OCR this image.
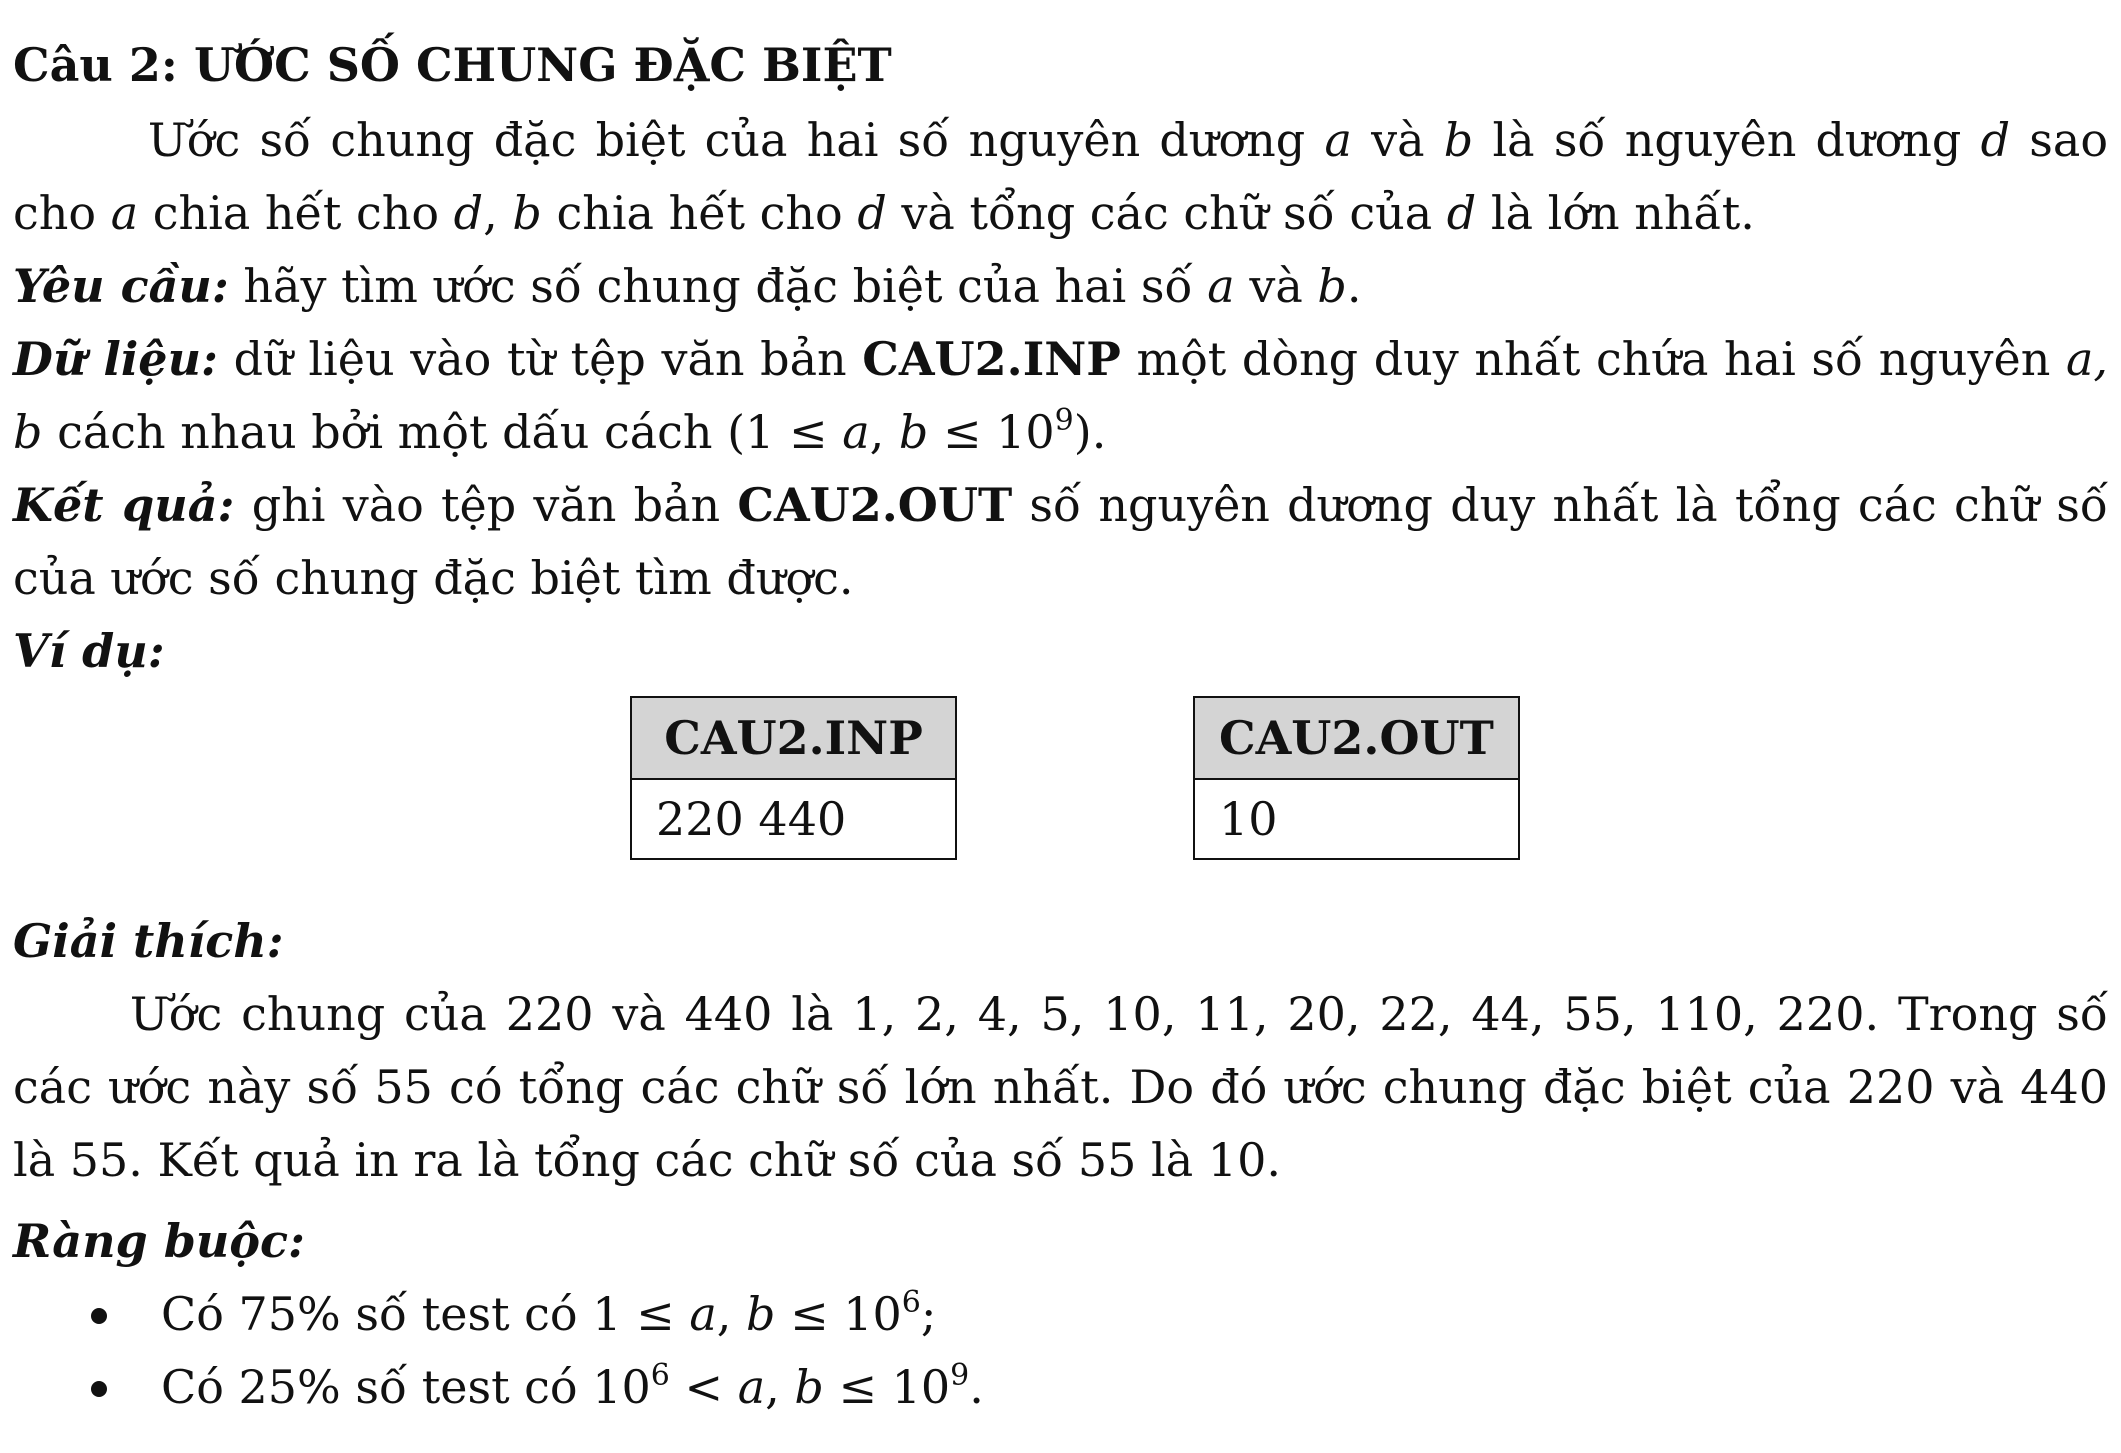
Câu 2: ƯỚC SỐ CHUNG ĐẶC BIỆT

Ước số chung đặc biệt của hai số nguyên dương a và b là số nguyên dương d sao cho a chia hết cho d, b chia hết cho d và tổng các chữ số của d là lớn nhất.

Yêu cầu: hãy tìm ước số chung đặc biệt của hai số a và b.

Dữ liệu: dữ liệu vào từ tệp văn bản CAU2.INP một dòng duy nhất chứa hai số nguyên a, b cách nhau bởi một dấu cách (1 ≤ a, $b \le 10^9$).

Kết quả: ghi vào tệp văn bản CAU2.OUT số nguyên dương duy nhất là tổng các chữ số của ước số chung đặc biệt tìm được.

Ví dụ:

CAU2.INP
220 440
CAU2.OUT
10

Giải thích:

Ước chung của 220 và 440 là 1, 2, 4, 5, 10, 11, 20, 22, 44, 55, 110, 220. Trong số các ước này số 55 có tổng các chữ số lớn nhất. Do đó ước chung đặc biệt của 220 và 440 là 55. Kết quả in ra là tổng các chữ số của số 55 là 10.

Ràng buộc:

Có 75% số test có 1 ≤ a, $b \le 10^6$;
Có 25% số test có $10^6 < a$, $b \le 10^9$.
